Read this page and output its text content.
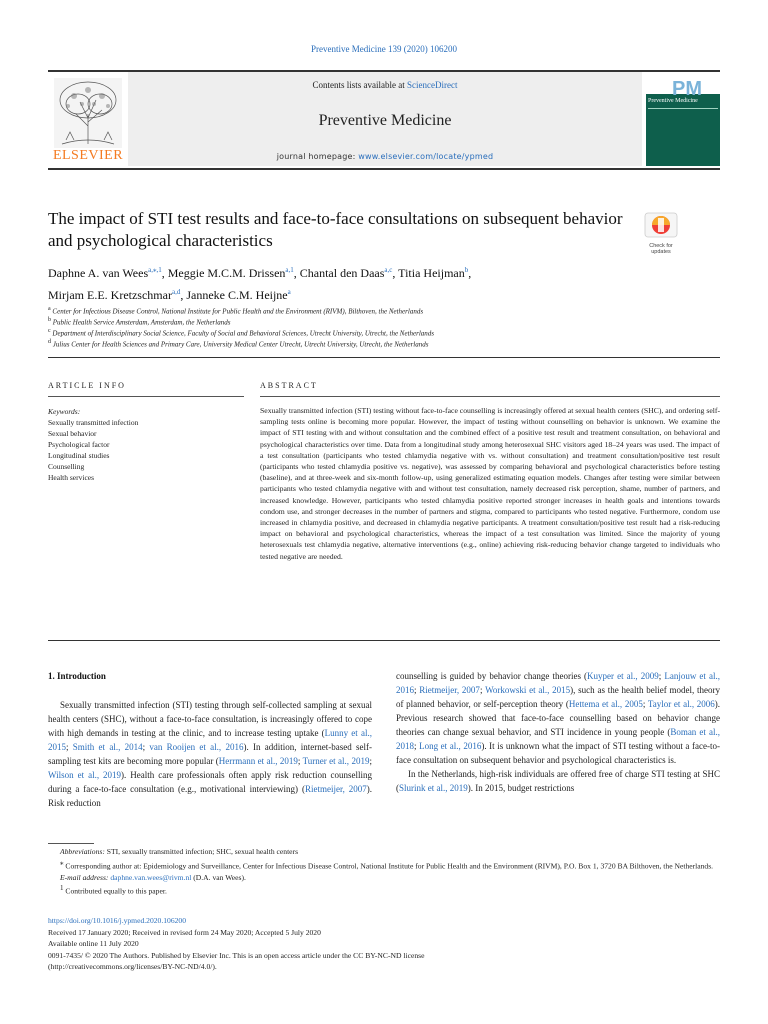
Preventive Medicine 139 (2020) 106200
ELSEVIER
Contents lists available at ScienceDirect
Preventive Medicine
journal homepage: www.elsevier.com/locate/ypmed
PM
Preventive Medicine
The impact of STI test results and face-to-face consultations on subsequent behavior and psychological characteristics	Check for
updates
Daphne A. van Wees$^{a,⁎,1}$, Meggie M.C.M. Drissen$^{a,1}$, Chantal den Daas$^{a,c}$, Titia Heijman$^b$,
Mirjam E.E. Kretzschmar$^{a,d}$, Janneke C.M. Heijne$^a$
$^a$ Center for Infectious Disease Control, National Institute for Public Health and the Environment (RIVM), Bilthoven, the Netherlands
$^b$ Public Health Service Amsterdam, Amsterdam, the Netherlands
$^c$ Department of Interdisciplinary Social Science, Faculty of Social and Behavioral Sciences, Utrecht University, Utrecht, the Netherlands
$^d$ Julius Center for Health Sciences and Primary Care, University Medical Center Utrecht, Utrecht University, Utrecht, the Netherlands
ARTICLE INFO	ABSTRACT
Keywords:
Sexually transmitted infection
Sexual behavior
Psychological factor
Longitudinal studies
Counselling
Health services
Sexually transmitted infection (STI) testing without face-to-face counselling is increasingly offered at sexual health centers (SHC), and ordering self-sampling tests online is becoming more popular. However, the impact of testing without counselling on behavior is unknown. We examine the impact of STI testing with and without consultation and the combined effect of a positive test result and treatment consultation, on behavioral and psychological characteristics over time. Data from a longitudinal study among heterosexual SHC visitors aged 18–24 years was used. The impact of a test consultation (participants who tested chlamydia negative with vs. without consultation) and treatment consultation/positive test result (participants who tested chlamydia positive vs. negative), was assessed by comparing behavioral and psychological characteristics before testing (baseline), and at three-week and six-month follow-up, using generalized estimating equation models. Changes after testing were similar between participants who tested chlamydia negative with and without test consultation, namely decreased risk perception, shame, number of partners, and increased knowledge. However, participants who tested chlamydia positive reported stronger increases in health goals and intentions towards condom use, and stronger decreases in the number of partners and stigma, compared to participants who tested negative. Furthermore, condom use increased in chlamydia positive, and decreased in chlamydia negative participants. A treatment consultation/positive test result had a risk-reducing impact on behavioral and psychological characteristics, whereas the impact of a test consultation was limited. Since the majority of young heterosexuals test chlamydia negative, alternative interventions (e.g., online) achieving risk-reducing behavior change targeted to individuals who tested negative are needed.
1. Introduction

Sexually transmitted infection (STI) testing through self-collected sampling at sexual health centers (SHC), without a face-to-face consultation, is increasingly offered to cope with high demands in testing at the clinic, and to increase testing uptake (Lunny et al., 2015; Smith et al., 2014; van Rooijen et al., 2016). In addition, internet-based self-sampling test kits are becoming more popular (Herrmann et al., 2019; Turner et al., 2019; Wilson et al., 2019). Health care professionals often apply risk reduction counselling during a face-to-face consultation (e.g., motivational interviewing) (Rietmeijer, 2007). Risk reduction

counselling is guided by behavior change theories (Kuyper et al., 2009; Lanjouw et al., 2016; Rietmeijer, 2007; Workowski et al., 2015), such as the health belief model, theory of planned behavior, or self-perception theory (Hettema et al., 2005; Taylor et al., 2006). Previous research showed that face-to-face counselling based on behavior change theories can change sexual behavior, and STI incidence in young people (Boman et al., 2018; Long et al., 2016). It is unknown what the impact of STI testing without a face-to-face consultation on subsequent behavior and psychological characteristics is.

In the Netherlands, high-risk individuals are offered free of charge STI testing at SHC (Slurink et al., 2019). In 2015, budget restrictions

Abbreviations: STI, sexually transmitted infection; SHC, sexual health centers
⁎ Corresponding author at: Epidemiology and Surveillance, Center for Infectious Disease Control, National Institute for Public Health and the Environment (RIVM), P.O. Box 1, 3720 BA Bilthoven, the Netherlands.
E-mail address: daphne.van.wees@rivm.nl (D.A. van Wees).
$^1$ Contributed equally to this paper.
https://doi.org/10.1016/j.ypmed.2020.106200
Received 17 January 2020; Received in revised form 24 May 2020; Accepted 5 July 2020
Available online 11 July 2020
0091-7435/ © 2020 The Authors. Published by Elsevier Inc. This is an open access article under the CC BY-NC-ND license
(http://creativecommons.org/licenses/BY-NC-ND/4.0/).
